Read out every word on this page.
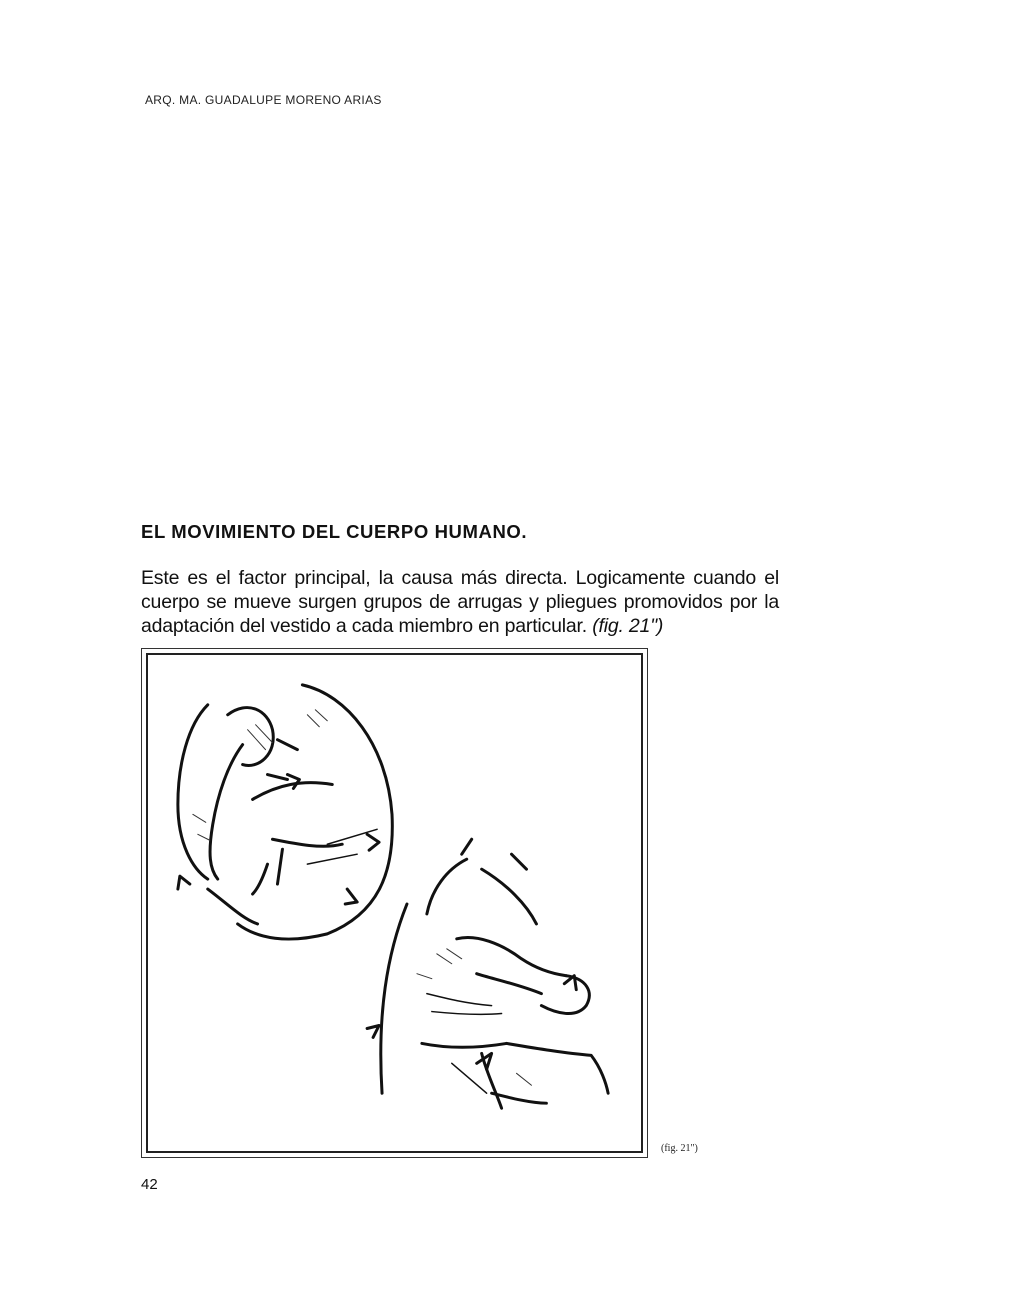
ARQ. MA. GUADALUPE MORENO ARIAS
EL MOVIMIENTO DEL CUERPO HUMANO.

Este es el factor principal, la causa más directa. Logicamente cuando el cuerpo se mueve surgen grupos de arrugas y pliegues promovidos por la adaptación del vestido a cada miembro en particular. (fig. 21")

(fig. 21")
42
